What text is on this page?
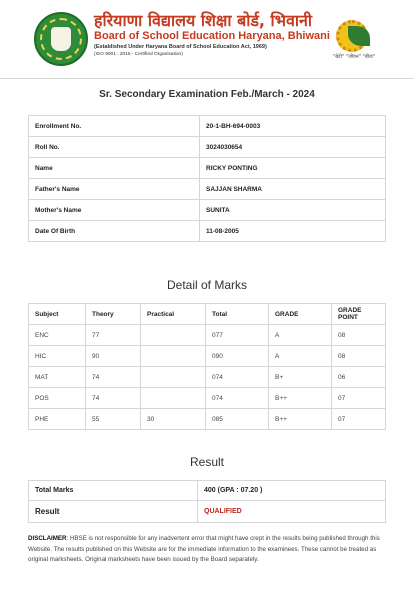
हरियाणा विद्यालय शिक्षा बोर्ड, भिवानी
Board of School Education Haryana, Bhiwani
(Established Under Haryana Board of School Education Act, 1969)
(ISO 9001 : 2015 - Certified Organisation)	"बेटी" "जीवन" "बीज"
Sr. Secondary Examination Feb./March - 2024
Enrollment No.	20-1-BH-694-0003
Roll No.	3024030654
Name	RICKY PONTING
Father's Name	SAJJAN SHARMA
Mother's Name	SUNITA
Date Of Birth	11-08-2005
Detail of Marks
Subject	Theory	Practical	Total	GRADE	GRADE POINT
ENC	77		077	A	08
HIC	90		090	A	08
MAT	74		074	B+	06
POS	74		074	B++	07
PHE	55	30	085	B++	07
Result
Total Marks	400 (GPA : 07.20 )
Result	QUALIFIED
DISCLAIMER: HBSE is not responsible for any inadvertent error that might have crept in the results being published through this Website. The results published on this Website are for the immediate information to the examinees. These cannot be treated as original marksheets. Original marksheets have been issued by the Board separately.
